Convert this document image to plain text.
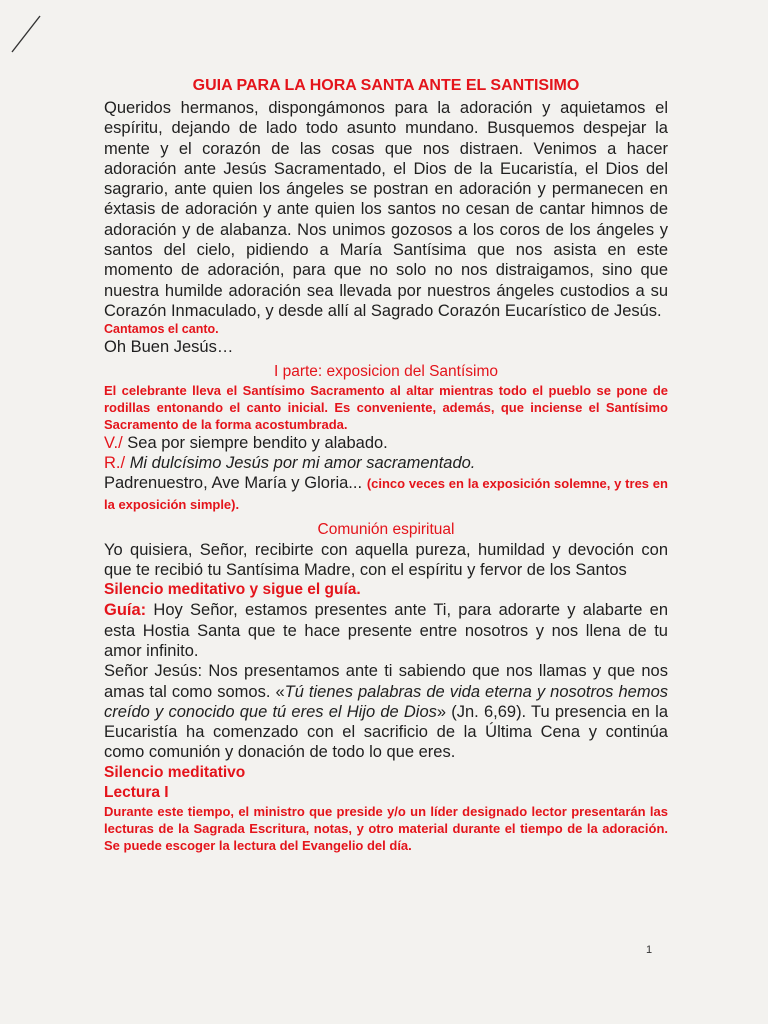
GUIA PARA LA HORA SANTA ANTE EL SANTISIMO

Queridos hermanos, dispongámonos para la adoración y aquietamos el espíritu, dejando de lado todo asunto mundano. Busquemos despejar la mente y el corazón de las cosas que nos distraen. Venimos a hacer adoración ante Jesús Sacramentado, el Dios de la Eucaristía, el Dios del sagrario, ante quien los ángeles se postran en adoración y permanecen en éxtasis de adoración y ante quien los santos no cesan de cantar himnos de adoración y de alabanza. Nos unimos gozosos a los coros de los ángeles y santos del cielo, pidiendo a María Santísima que nos asista en este momento de adoración, para que no solo no nos distraigamos, sino que nuestra humilde adoración sea llevada por nuestros ángeles custodios a su Corazón Inmaculado, y desde allí al Sagrado Corazón Eucarístico de Jesús.

Cantamos el canto.

Oh Buen Jesús…

I parte: exposicion del Santísimo

El celebrante lleva el Santísimo Sacramento al altar mientras todo el pueblo se pone de rodillas entonando el canto inicial. Es conveniente, además, que inciense el Santísimo Sacramento de la forma acostumbrada.

V./ Sea por siempre bendito y alabado.

R./ Mi dulcísimo Jesús por mi amor sacramentado.

Padrenuestro, Ave María y Gloria... (cinco veces en la exposición solemne, y tres en la exposición simple).

Comunión espiritual

Yo quisiera, Señor, recibirte con aquella pureza, humildad y devoción con que te recibió tu Santísima Madre, con el espíritu y fervor de los Santos

Silencio meditativo y sigue el guía.

Guía: Hoy Señor, estamos presentes ante Ti, para adorarte y alabarte en esta Hostia Santa que te hace presente entre nosotros y nos llena de tu amor infinito.

Señor Jesús: Nos presentamos ante ti sabiendo que nos llamas y que nos amas tal como somos. «Tú tienes palabras de vida eterna y nosotros hemos creído y conocido que tú eres el Hijo de Dios» (Jn. 6,69). Tu presencia en la Eucaristía ha comenzado con el sacrificio de la Última Cena y continúa como comunión y donación de todo lo que eres.

Silencio meditativo

Lectura I

Durante este tiempo, el ministro que preside y/o un líder designado lector presentarán las lecturas de la Sagrada Escritura, notas, y otro material durante el tiempo de la adoración. Se puede escoger la lectura del Evangelio del día.

1
